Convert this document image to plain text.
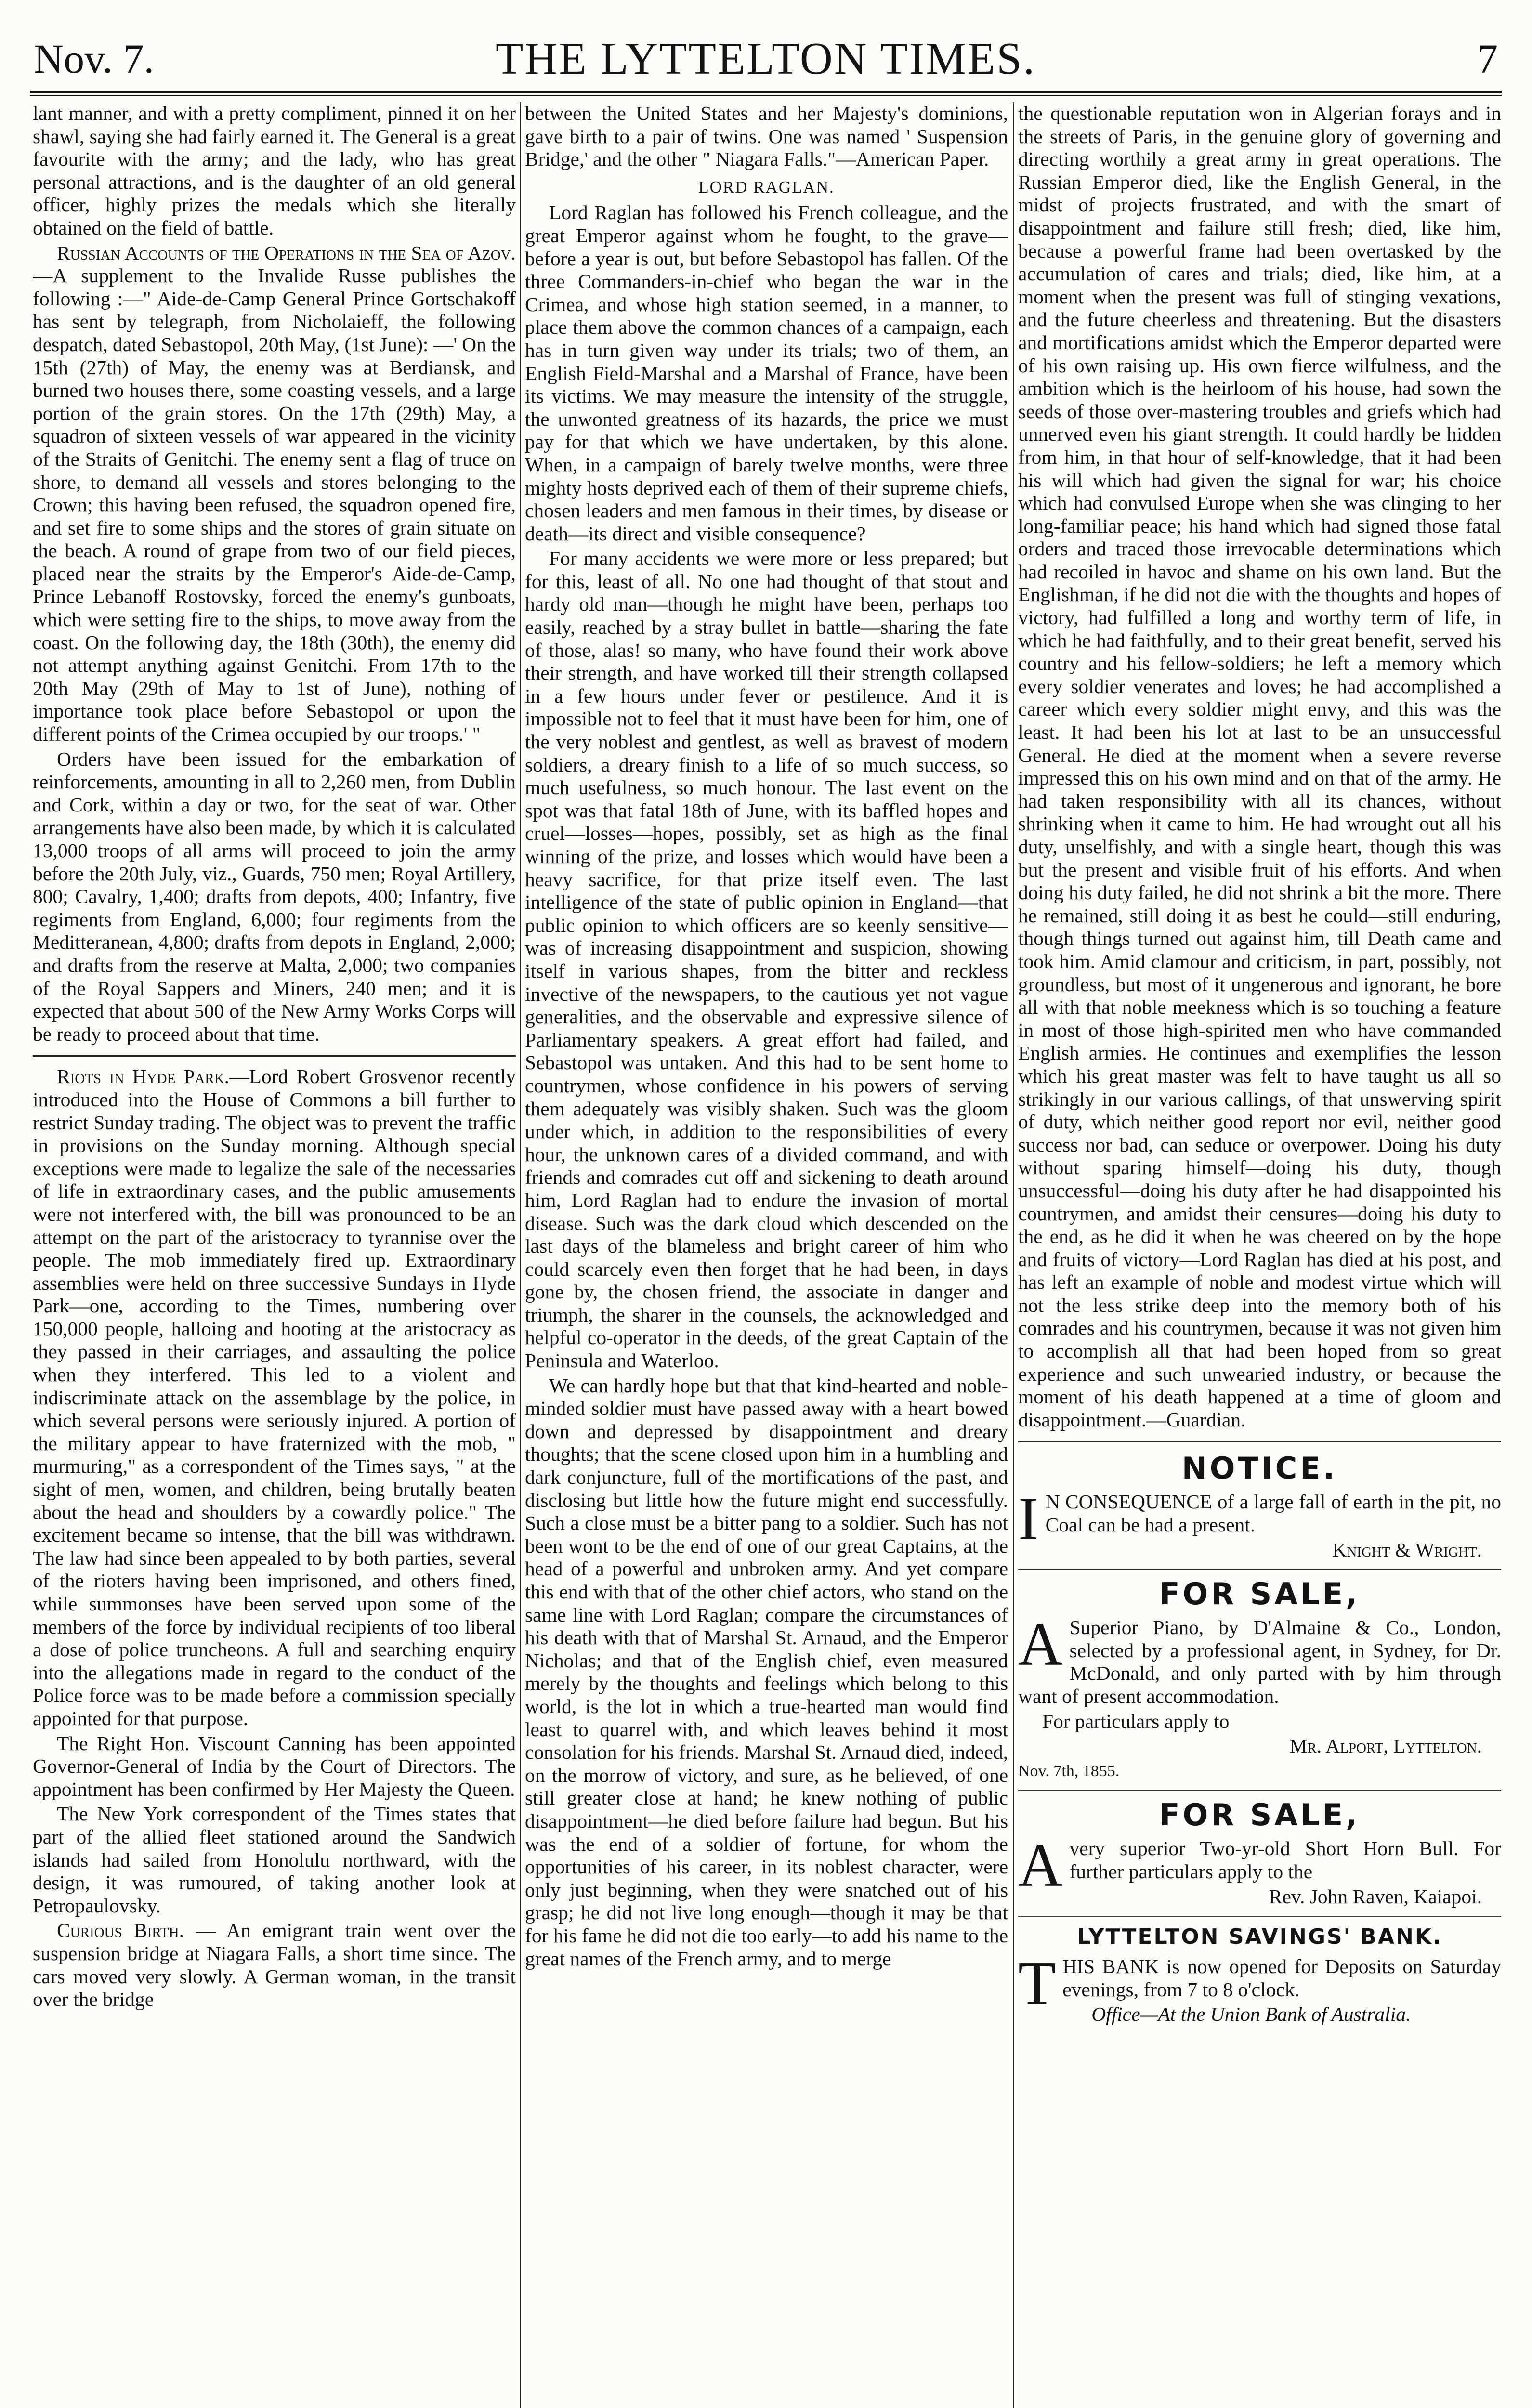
Nov. 7.	THE LYTTELTON TIMES.	7

lant manner, and with a pretty compliment, pinned it on her shawl, saying she had fairly earned it. The General is a great favourite with the army; and the lady, who has great personal attractions, and is the daughter of an old general officer, highly prizes the medals which she literally obtained on the field of battle.

Russian Accounts of the Operations in the Sea of Azov.—A supplement to the Invalide Russe publishes the following :—" Aide-de-Camp General Prince Gortschakoff has sent by telegraph, from Nicholaieff, the following despatch, dated Sebastopol, 20th May, (1st June): —' On the 15th (27th) of May, the enemy was at Berdiansk, and burned two houses there, some coasting vessels, and a large portion of the grain stores. On the 17th (29th) May, a squadron of sixteen vessels of war appeared in the vicinity of the Straits of Genitchi. The enemy sent a flag of truce on shore, to demand all vessels and stores belonging to the Crown; this having been refused, the squadron opened fire, and set fire to some ships and the stores of grain situate on the beach. A round of grape from two of our field pieces, placed near the straits by the Emperor's Aide-de-Camp, Prince Lebanoff Rostovsky, forced the enemy's gunboats, which were setting fire to the ships, to move away from the coast. On the following day, the 18th (30th), the enemy did not attempt anything against Genitchi. From 17th to the 20th May (29th of May to 1st of June), nothing of importance took place before Sebastopol or upon the different points of the Crimea occupied by our troops.' "

Orders have been issued for the embarkation of reinforcements, amounting in all to 2,260 men, from Dublin and Cork, within a day or two, for the seat of war. Other arrangements have also been made, by which it is calculated 13,000 troops of all arms will proceed to join the army before the 20th July, viz., Guards, 750 men; Royal Artillery, 800; Cavalry, 1,400; drafts from depots, 400; Infantry, five regiments from England, 6,000; four regiments from the Meditteranean, 4,800; drafts from depots in England, 2,000; and drafts from the reserve at Malta, 2,000; two companies of the Royal Sappers and Miners, 240 men; and it is expected that about 500 of the New Army Works Corps will be ready to proceed about that time.

Riots in Hyde Park.—Lord Robert Grosvenor recently introduced into the House of Commons a bill further to restrict Sunday trading. The object was to prevent the traffic in provisions on the Sunday morning. Although special exceptions were made to legalize the sale of the necessaries of life in extraordinary cases, and the public amusements were not interfered with, the bill was pronounced to be an attempt on the part of the aristocracy to tyrannise over the people. The mob immediately fired up. Extraordinary assemblies were held on three successive Sundays in Hyde Park—one, according to the Times, numbering over 150,000 people, halloing and hooting at the aristocracy as they passed in their carriages, and assaulting the police when they interfered. This led to a violent and indiscriminate attack on the assemblage by the police, in which several persons were seriously injured. A portion of the military appear to have fraternized with the mob, " murmuring," as a correspondent of the Times says, " at the sight of men, women, and children, being brutally beaten about the head and shoulders by a cowardly police." The excitement became so intense, that the bill was withdrawn. The law had since been appealed to by both parties, several of the rioters having been imprisoned, and others fined, while summonses have been served upon some of the members of the force by individual recipients of too liberal a dose of police truncheons. A full and searching enquiry into the allegations made in regard to the conduct of the Police force was to be made before a commission specially appointed for that purpose.

The Right Hon. Viscount Canning has been appointed Governor-General of India by the Court of Directors. The appointment has been confirmed by Her Majesty the Queen.

The New York correspondent of the Times states that part of the allied fleet stationed around the Sandwich islands had sailed from Honolulu northward, with the design, it was rumoured, of taking another look at Petropaulovsky.

Curious Birth. — An emigrant train went over the suspension bridge at Niagara Falls, a short time since. The cars moved very slowly. A German woman, in the transit over the bridge

between the United States and her Majesty's dominions, gave birth to a pair of twins. One was named ' Suspension Bridge,' and the other " Niagara Falls."—American Paper.

LORD RAGLAN.

Lord Raglan has followed his French colleague, and the great Emperor against whom he fought, to the grave—before a year is out, but before Sebastopol has fallen. Of the three Commanders-in-chief who began the war in the Crimea, and whose high station seemed, in a manner, to place them above the common chances of a campaign, each has in turn given way under its trials; two of them, an English Field-Marshal and a Marshal of France, have been its victims. We may measure the intensity of the struggle, the unwonted greatness of its hazards, the price we must pay for that which we have undertaken, by this alone. When, in a campaign of barely twelve months, were three mighty hosts deprived each of them of their supreme chiefs, chosen leaders and men famous in their times, by disease or death—its direct and visible consequence?

For many accidents we were more or less prepared; but for this, least of all. No one had thought of that stout and hardy old man—though he might have been, perhaps too easily, reached by a stray bullet in battle—sharing the fate of those, alas! so many, who have found their work above their strength, and have worked till their strength collapsed in a few hours under fever or pestilence. And it is impossible not to feel that it must have been for him, one of the very noblest and gentlest, as well as bravest of modern soldiers, a dreary finish to a life of so much success, so much usefulness, so much honour. The last event on the spot was that fatal 18th of June, with its baffled hopes and cruel—losses—hopes, possibly, set as high as the final winning of the prize, and losses which would have been a heavy sacrifice, for that prize itself even. The last intelligence of the state of public opinion in England—that public opinion to which officers are so keenly sensitive—was of increasing disappointment and suspicion, showing itself in various shapes, from the bitter and reckless invective of the newspapers, to the cautious yet not vague generalities, and the observable and expressive silence of Parliamentary speakers. A great effort had failed, and Sebastopol was untaken. And this had to be sent home to countrymen, whose confidence in his powers of serving them adequately was visibly shaken. Such was the gloom under which, in addition to the responsibilities of every hour, the unknown cares of a divided command, and with friends and comrades cut off and sickening to death around him, Lord Raglan had to endure the invasion of mortal disease. Such was the dark cloud which descended on the last days of the blameless and bright career of him who could scarcely even then forget that he had been, in days gone by, the chosen friend, the associate in danger and triumph, the sharer in the counsels, the acknowledged and helpful co-operator in the deeds, of the great Captain of the Peninsula and Waterloo.

We can hardly hope but that that kind-hearted and noble-minded soldier must have passed away with a heart bowed down and depressed by disappointment and dreary thoughts; that the scene closed upon him in a humbling and dark conjuncture, full of the mortifications of the past, and disclosing but little how the future might end successfully. Such a close must be a bitter pang to a soldier. Such has not been wont to be the end of one of our great Captains, at the head of a powerful and unbroken army. And yet compare this end with that of the other chief actors, who stand on the same line with Lord Raglan; compare the circumstances of his death with that of Marshal St. Arnaud, and the Emperor Nicholas; and that of the English chief, even measured merely by the thoughts and feelings which belong to this world, is the lot in which a true-hearted man would find least to quarrel with, and which leaves behind it most consolation for his friends. Marshal St. Arnaud died, indeed, on the morrow of victory, and sure, as he believed, of one still greater close at hand; he knew nothing of public disappointment—he died before failure had begun. But his was the end of a soldier of fortune, for whom the opportunities of his career, in its noblest character, were only just beginning, when they were snatched out of his grasp; he did not live long enough—though it may be that for his fame he did not die too early—to add his name to the great names of the French army, and to merge

the questionable reputation won in Algerian forays and in the streets of Paris, in the genuine glory of governing and directing worthily a great army in great operations. The Russian Emperor died, like the English General, in the midst of projects frustrated, and with the smart of disappointment and failure still fresh; died, like him, because a powerful frame had been overtasked by the accumulation of cares and trials; died, like him, at a moment when the present was full of stinging vexations, and the future cheerless and threatening. But the disasters and mortifications amidst which the Emperor departed were of his own raising up. His own fierce wilfulness, and the ambition which is the heirloom of his house, had sown the seeds of those over-mastering troubles and griefs which had unnerved even his giant strength. It could hardly be hidden from him, in that hour of self-knowledge, that it had been his will which had given the signal for war; his choice which had convulsed Europe when she was clinging to her long-familiar peace; his hand which had signed those fatal orders and traced those irrevocable determinations which had recoiled in havoc and shame on his own land. But the Englishman, if he did not die with the thoughts and hopes of victory, had fulfilled a long and worthy term of life, in which he had faithfully, and to their great benefit, served his country and his fellow-soldiers; he left a memory which every soldier venerates and loves; he had accomplished a career which every soldier might envy, and this was the least. It had been his lot at last to be an unsuccessful General. He died at the moment when a severe reverse impressed this on his own mind and on that of the army. He had taken responsibility with all its chances, without shrinking when it came to him. He had wrought out all his duty, unselfishly, and with a single heart, though this was but the present and visible fruit of his efforts. And when doing his duty failed, he did not shrink a bit the more. There he remained, still doing it as best he could—still enduring, though things turned out against him, till Death came and took him. Amid clamour and criticism, in part, possibly, not groundless, but most of it ungenerous and ignorant, he bore all with that noble meekness which is so touching a feature in most of those high-spirited men who have commanded English armies. He continues and exemplifies the lesson which his great master was felt to have taught us all so strikingly in our various callings, of that unswerving spirit of duty, which neither good report nor evil, neither good success nor bad, can seduce or overpower. Doing his duty without sparing himself—doing his duty, though unsuccessful—doing his duty after he had disappointed his countrymen, and amidst their censures—doing his duty to the end, as he did it when he was cheered on by the hope and fruits of victory—Lord Raglan has died at his post, and has left an example of noble and modest virtue which will not the less strike deep into the memory both of his comrades and his countrymen, because it was not given him to accomplish all that had been hoped from so great experience and such unwearied industry, or because the moment of his death happened at a time of gloom and disappointment.—Guardian.

NOTICE.

I N CONSEQUENCE of a large fall of earth in the pit, no Coal can be had a present.

Knight & Wright.

FOR SALE,

A Superior Piano, by D'Almaine & Co., London, selected by a professional agent, in Sydney, for Dr. McDonald, and only parted with by him through want of present accommodation.

For particulars apply to

Mr. Alport, Lyttelton.

Nov. 7th, 1855.

FOR SALE,

A very superior Two-yr-old Short Horn Bull. For further particulars apply to the

Rev. John Raven, Kaiapoi.

LYTTELTON SAVINGS' BANK.

THIS BANK is now opened for Deposits on Saturday evenings, from 7 to 8 o'clock.

Office—At the Union Bank of Australia.
